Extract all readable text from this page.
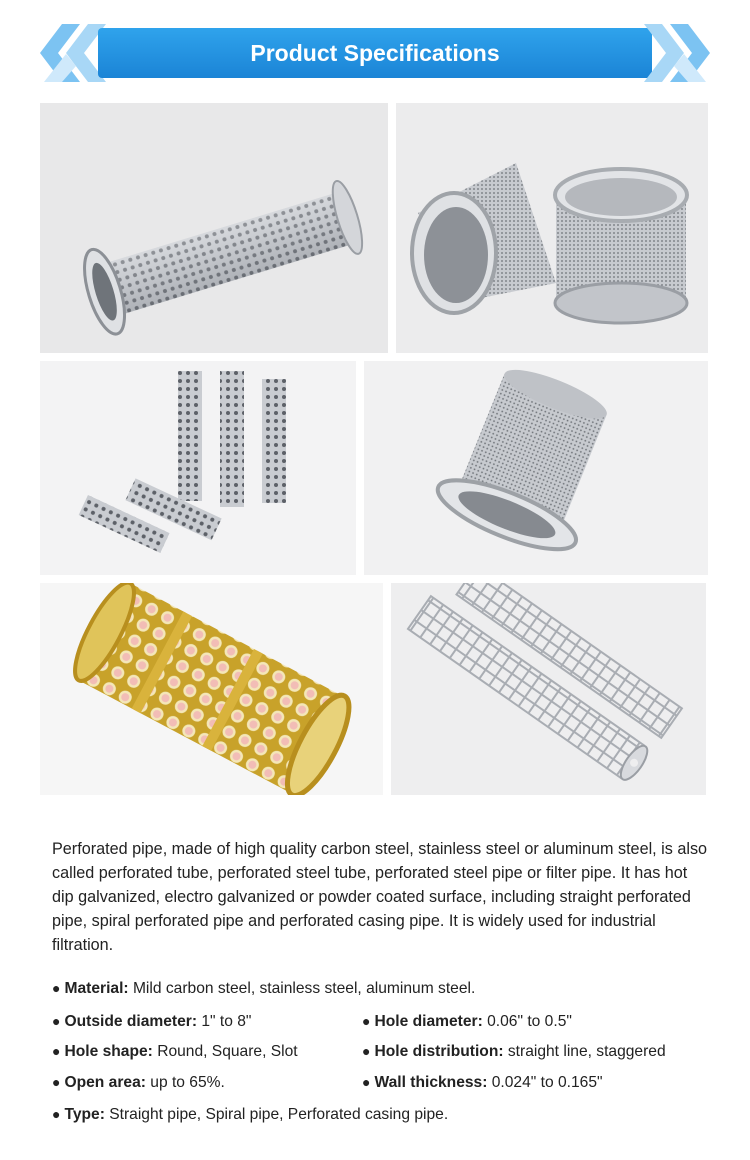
Product Specifications
Perforated pipe, made of high quality carbon steel, stainless steel or aluminum steel, is also called perforated tube, perforated steel tube, perforated steel pipe or filter pipe. It has hot dip galvanized, electro galvanized or powder coated surface, including straight perforated pipe, spiral perforated pipe and perforated casing pipe. It is widely used for industrial filtration.
● Material: Mild carbon steel, stainless steel, aluminum steel.
● Outside diameter: 1" to 8"	● Hole diameter: 0.06" to 0.5"
● Hole shape: Round, Square, Slot	● Hole distribution: straight line, staggered
● Open area: up to 65%.	● Wall thickness: 0.024" to 0.165"
● Type: Straight pipe, Spiral pipe, Perforated casing pipe.
